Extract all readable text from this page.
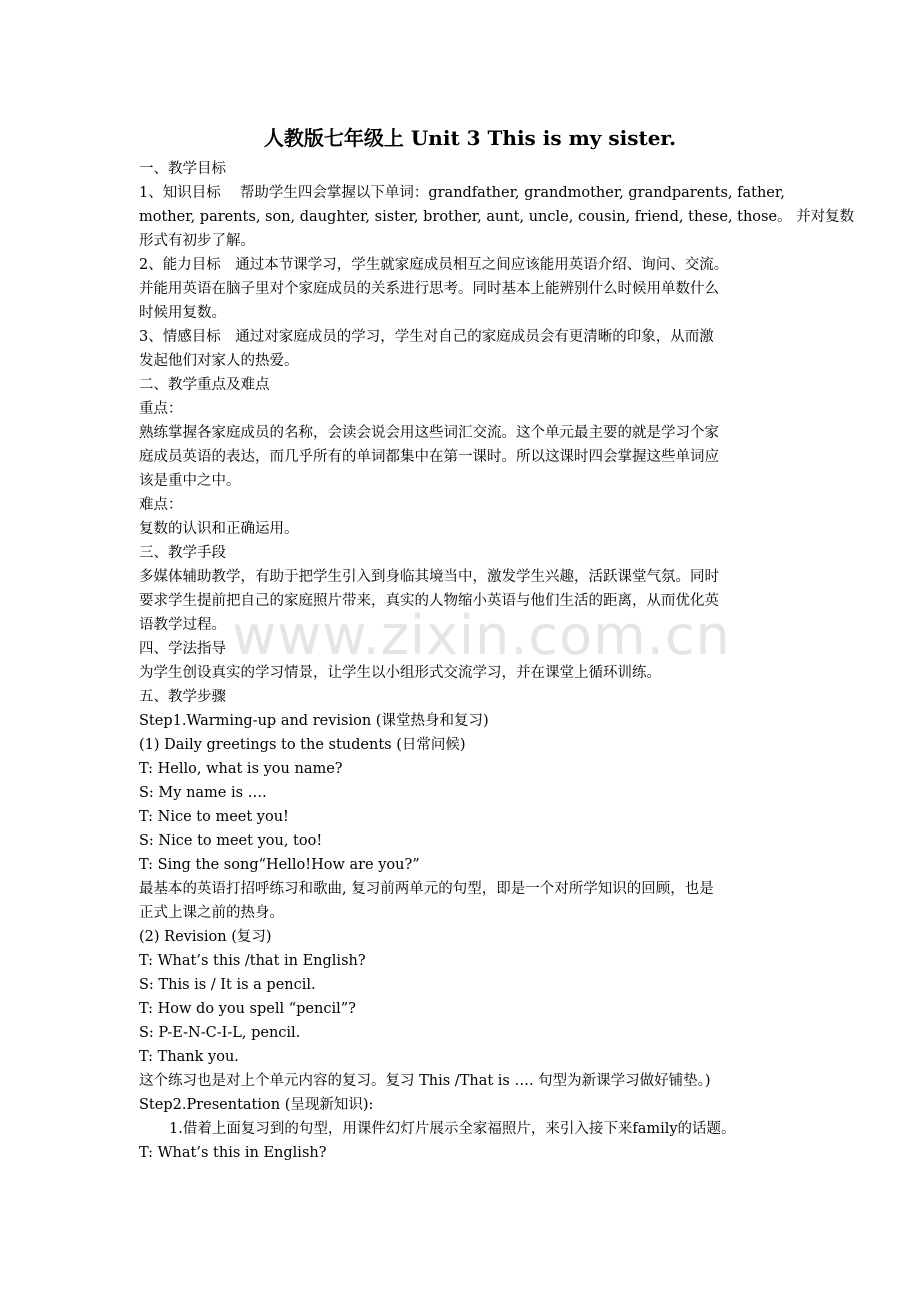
人教版七年级上 Unit 3 This is my sister.
一、教学目标
1、知识目标　 帮助学生四会掌握以下单词：grandfather, grandmother, grandparents, father,
mother, parents, son, daughter, sister, brother, aunt, uncle, cousin, friend, these, those。 并对复数
形式有初步了解。
2、能力目标　通过本节课学习，学生就家庭成员相互之间应该能用英语介绍、询问、交流。
并能用英语在脑子里对个家庭成员的关系进行思考。同时基本上能辨别什么时候用单数什么
时候用复数。
3、情感目标　通过对家庭成员的学习，学生对自己的家庭成员会有更清晰的印象，从而激
发起他们对家人的热爱。
二、教学重点及难点
重点：
熟练掌握各家庭成员的名称，会读会说会用这些词汇交流。这个单元最主要的就是学习个家
庭成员英语的表达，而几乎所有的单词都集中在第一课时。所以这课时四会掌握这些单词应
该是重中之中。
难点：
复数的认识和正确运用。
三、教学手段
多媒体辅助教学，有助于把学生引入到身临其境当中，激发学生兴趣，活跃课堂气氛。同时
要求学生提前把自己的家庭照片带来，真实的人物缩小英语与他们生活的距离，从而优化英
语教学过程。
四、学法指导
为学生创设真实的学习情景，让学生以小组形式交流学习，并在课堂上循环训练。
五、教学步骤
Step1.Warming-up and revision (课堂热身和复习)
(1) Daily greetings to the students (日常问候)
T: Hello, what is you name?
S: My name is ….
T: Nice to meet you!
S: Nice to meet you, too!
T: Sing the song“Hello!How are you?”
最基本的英语打招呼练习和歌曲, 复习前两单元的句型，即是一个对所学知识的回顾，也是
正式上课之前的热身。
(2) Revision (复习)
T: What’s this /that in English?
S: This is / It is a pencil.
T: How do you spell “pencil”?
S: P-E-N-C-I-L, pencil.
T: Thank you.
这个练习也是对上个单元内容的复习。复习 This /That is …. 句型为新课学习做好铺垫。)
Step2.Presentation (呈现新知识):
1.借着上面复习到的句型，用课件幻灯片展示全家福照片，来引入接下来family的话题。
T: What’s this in English?
www.zixin.com.cn
